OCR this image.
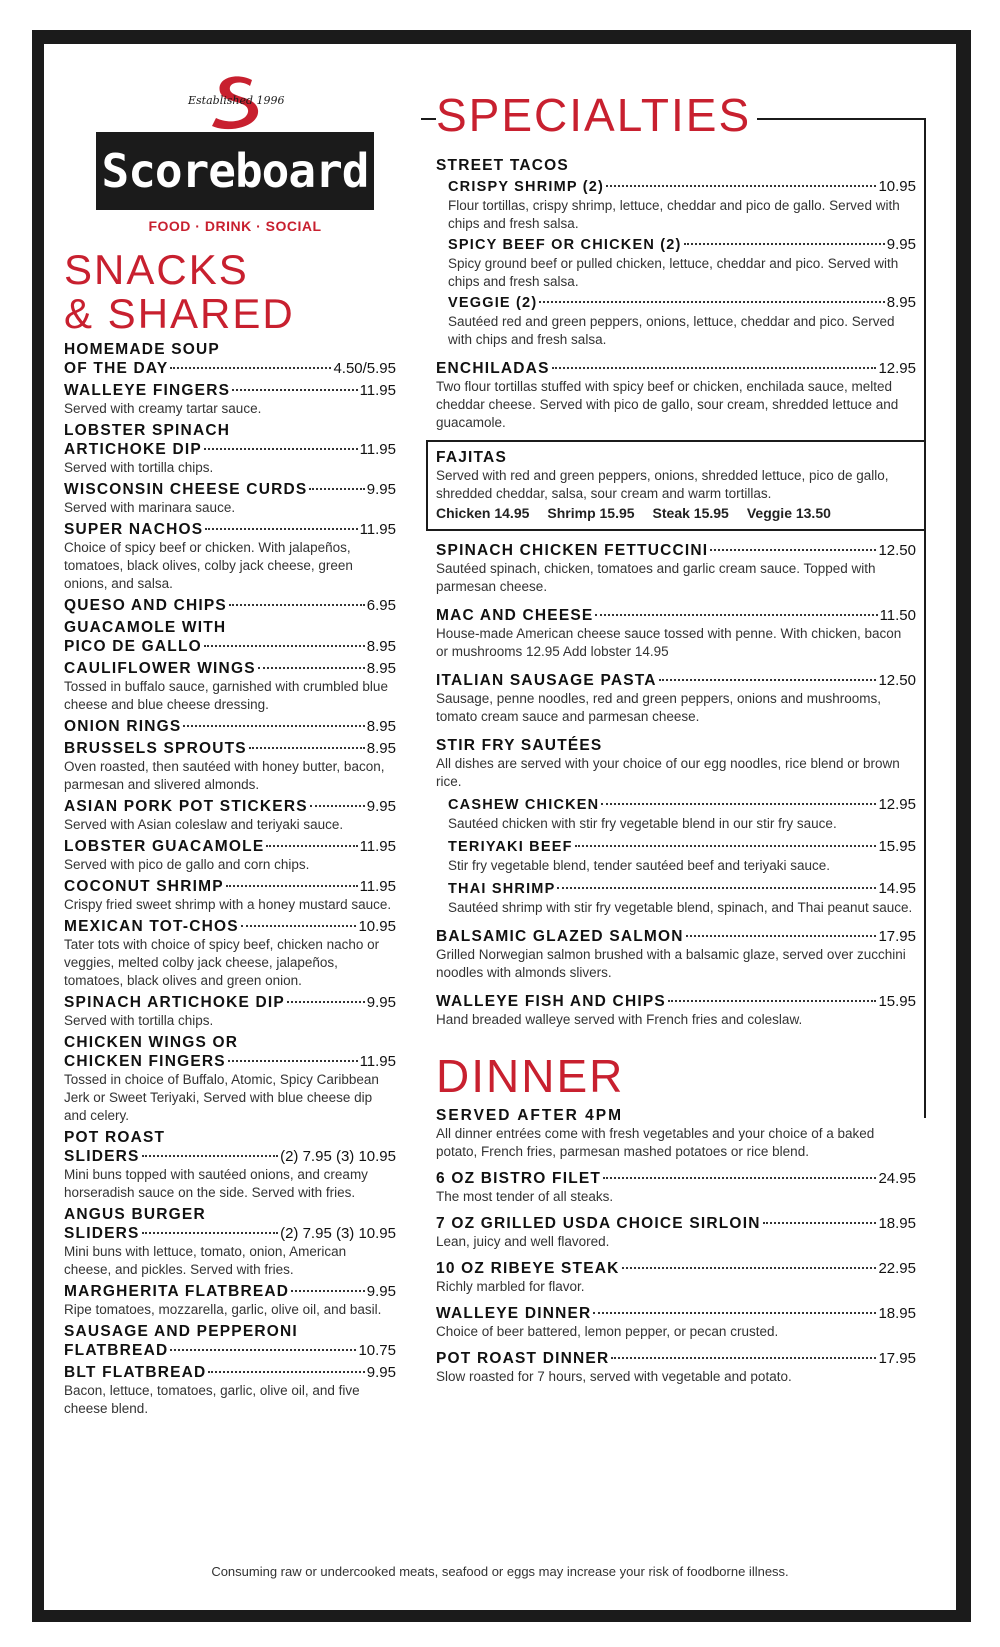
Established 1996
Scoreboard
FOOD · DRINK · SOCIAL
SNACKS
& SHARED
HOMEMADE SOUP
OF THE DAY	4.50/5.95
WALLEYE FINGERS	11.95
Served with creamy tartar sauce.
LOBSTER SPINACH
ARTICHOKE DIP	11.95
Served with tortilla chips.
WISCONSIN CHEESE CURDS	9.95
Served with marinara sauce.
SUPER NACHOS	11.95
Choice of spicy beef or chicken. With jalapeños, tomatoes, black olives, colby jack cheese, green onions, and salsa.
QUESO AND CHIPS	6.95
GUACAMOLE WITH
PICO DE GALLO	8.95
CAULIFLOWER WINGS	8.95
Tossed in buffalo sauce, garnished with crumbled blue cheese and blue cheese dressing.
ONION RINGS	8.95
BRUSSELS SPROUTS	8.95
Oven roasted, then sautéed with honey butter, bacon, parmesan and slivered almonds.
ASIAN PORK POT STICKERS	9.95
Served with Asian coleslaw and teriyaki sauce.
LOBSTER GUACAMOLE	11.95
Served with pico de gallo and corn chips.
COCONUT SHRIMP	11.95
Crispy fried sweet shrimp with a honey mustard sauce.
MEXICAN TOT-CHOS	10.95
Tater tots with choice of spicy beef, chicken nacho or veggies, melted colby jack cheese, jalapeños, tomatoes, black olives and green onion.
SPINACH ARTICHOKE DIP	9.95
Served with tortilla chips.
CHICKEN WINGS OR
CHICKEN FINGERS	11.95
Tossed in choice of Buffalo, Atomic, Spicy Caribbean Jerk or Sweet Teriyaki, Served with blue cheese dip and celery.
POT ROAST
SLIDERS	(2) 7.95 (3) 10.95
Mini buns topped with sautéed onions, and creamy horseradish sauce on the side. Served with fries.
ANGUS BURGER
SLIDERS	(2) 7.95 (3) 10.95
Mini buns with lettuce, tomato, onion, American cheese, and pickles. Served with fries.
MARGHERITA FLATBREAD	9.95
Ripe tomatoes, mozzarella, garlic, olive oil, and basil.
SAUSAGE AND PEPPERONI
FLATBREAD	10.75
BLT FLATBREAD	9.95
Bacon, lettuce, tomatoes, garlic, olive oil, and five cheese blend.
SPECIALTIES
STREET TACOS
CRISPY SHRIMP (2)	10.95
Flour tortillas, crispy shrimp, lettuce, cheddar and pico de gallo. Served with chips and fresh salsa.
SPICY BEEF OR CHICKEN (2)	9.95
Spicy ground beef or pulled chicken, lettuce, cheddar and pico. Served with chips and fresh salsa.
VEGGIE (2)	8.95
Sautéed red and green peppers, onions, lettuce, cheddar and pico. Served with chips and fresh salsa.
ENCHILADAS	12.95
Two flour tortillas stuffed with spicy beef or chicken, enchilada sauce, melted cheddar cheese. Served with pico de gallo, sour cream, shredded lettuce and guacamole.
FAJITAS
Served with red and green peppers, onions, shredded lettuce, pico de gallo, shredded cheddar, salsa, sour cream and warm tortillas.
Chicken 14.95 Shrimp 15.95 Steak 15.95 Veggie 13.50
SPINACH CHICKEN FETTUCCINI	12.50
Sautéed spinach, chicken, tomatoes and garlic cream sauce. Topped with parmesan cheese.
MAC AND CHEESE	11.50
House-made American cheese sauce tossed with penne. With chicken, bacon or mushrooms 12.95 Add lobster 14.95
ITALIAN SAUSAGE PASTA	12.50
Sausage, penne noodles, red and green peppers, onions and mushrooms, tomato cream sauce and parmesan cheese.
STIR FRY SAUTÉES
All dishes are served with your choice of our egg noodles, rice blend or brown rice.
CASHEW CHICKEN	12.95
Sautéed chicken with stir fry vegetable blend in our stir fry sauce.
TERIYAKI BEEF	15.95
Stir fry vegetable blend, tender sautéed beef and teriyaki sauce.
THAI SHRIMP	14.95
Sautéed shrimp with stir fry vegetable blend, spinach, and Thai peanut sauce.
BALSAMIC GLAZED SALMON	17.95
Grilled Norwegian salmon brushed with a balsamic glaze, served over zucchini noodles with almonds slivers.
WALLEYE FISH AND CHIPS	15.95
Hand breaded walleye served with French fries and coleslaw.
DINNER
SERVED AFTER 4PM
All dinner entrées come with fresh vegetables and your choice of a baked potato, French fries, parmesan mashed potatoes or rice blend.
6 OZ BISTRO FILET	24.95
The most tender of all steaks.
7 OZ GRILLED USDA CHOICE SIRLOIN	18.95
Lean, juicy and well flavored.
10 OZ RIBEYE STEAK	22.95
Richly marbled for flavor.
WALLEYE DINNER	18.95
Choice of beer battered, lemon pepper, or pecan crusted.
POT ROAST DINNER	17.95
Slow roasted for 7 hours, served with vegetable and potato.
Consuming raw or undercooked meats, seafood or eggs may increase your risk of foodborne illness.
